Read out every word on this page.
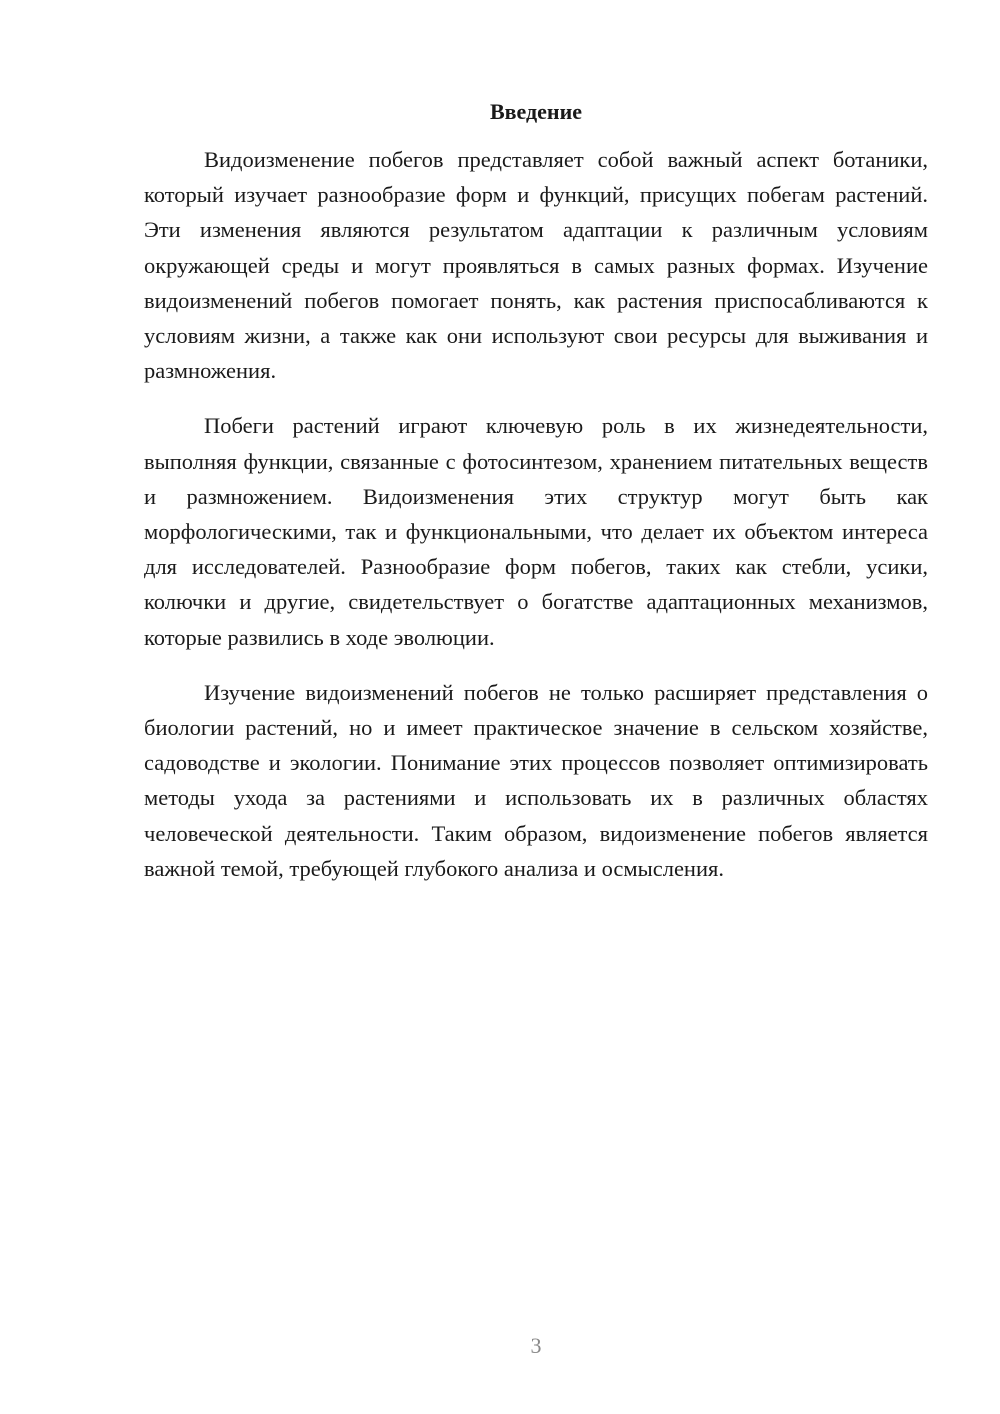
Введение

Видоизменение побегов представляет собой важный аспект ботаники, который изучает разнообразие форм и функций, присущих побегам растений. Эти изменения являются результатом адаптации к различным условиям окружающей среды и могут проявляться в самых разных формах. Изучение видоизменений побегов помогает понять, как растения приспосабливаются к условиям жизни, а также как они используют свои ресурсы для выживания и размножения.

Побеги растений играют ключевую роль в их жизнедеятельности, выполняя функции, связанные с фотосинтезом, хранением питательных веществ и размножением. Видоизменения этих структур могут быть как морфологическими, так и функциональными, что делает их объектом интереса для исследователей. Разнообразие форм побегов, таких как стебли, усики, колючки и другие, свидетельствует о богатстве адаптационных механизмов, которые развились в ходе эволюции.

Изучение видоизменений побегов не только расширяет представления о биологии растений, но и имеет практическое значение в сельском хозяйстве, садоводстве и экологии. Понимание этих процессов позволяет оптимизировать методы ухода за растениями и использовать их в различных областях человеческой деятельности. Таким образом, видоизменение побегов является важной темой, требующей глубокого анализа и осмысления.

3
